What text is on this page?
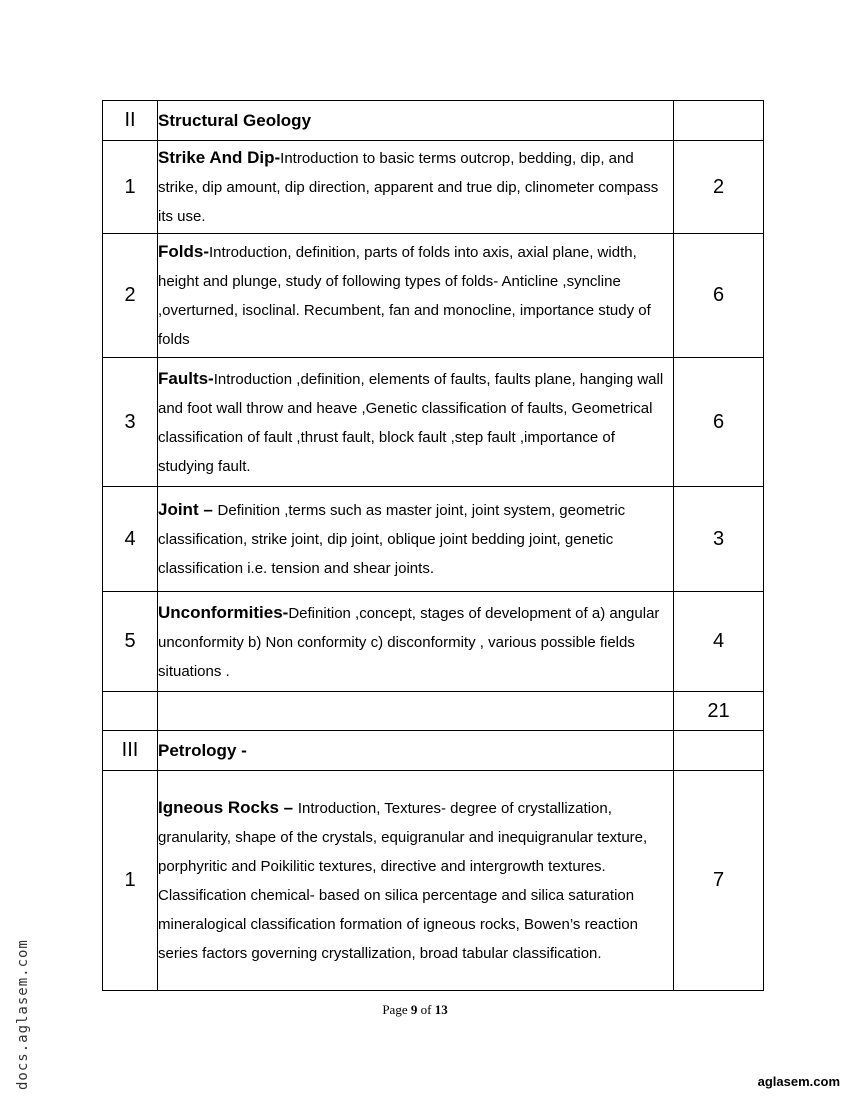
II	Structural Geology	
1	Strike And Dip-Introduction to basic terms outcrop, bedding, dip, and strike, dip amount, dip direction, apparent and true dip, clinometer compass its use.	2
2	Folds-Introduction, definition, parts of folds into axis, axial plane, width, height and plunge, study of following types of folds- Anticline ,syncline ,overturned, isoclinal. Recumbent, fan and monocline, importance study of folds	6
3	Faults-Introduction ,definition, elements of faults, faults plane, hanging wall and foot wall throw and heave ,Genetic classification of faults, Geometrical classification of fault ,thrust fault, block fault ,step fault ,importance of studying fault.	6
4	Joint – Definition ,terms such as master joint, joint system, geometric classification, strike joint, dip joint, oblique joint bedding joint, genetic classification i.e. tension and shear joints.	3
5	Unconformities-Definition ,concept, stages of development of a) angular unconformity b) Non conformity c) disconformity , various possible fields situations .	4
		21
III	Petrology -	
1	Igneous Rocks – Introduction, Textures- degree of crystallization, granularity, shape of the crystals, equigranular and inequigranular texture, porphyritic and Poikilitic textures, directive and intergrowth textures. Classification chemical- based on silica percentage and silica saturation mineralogical classification formation of igneous rocks, Bowen’s reaction series factors governing crystallization, broad tabular classification.	7
Page 9 of 13
docs.aglasem.com	aglasem.com
